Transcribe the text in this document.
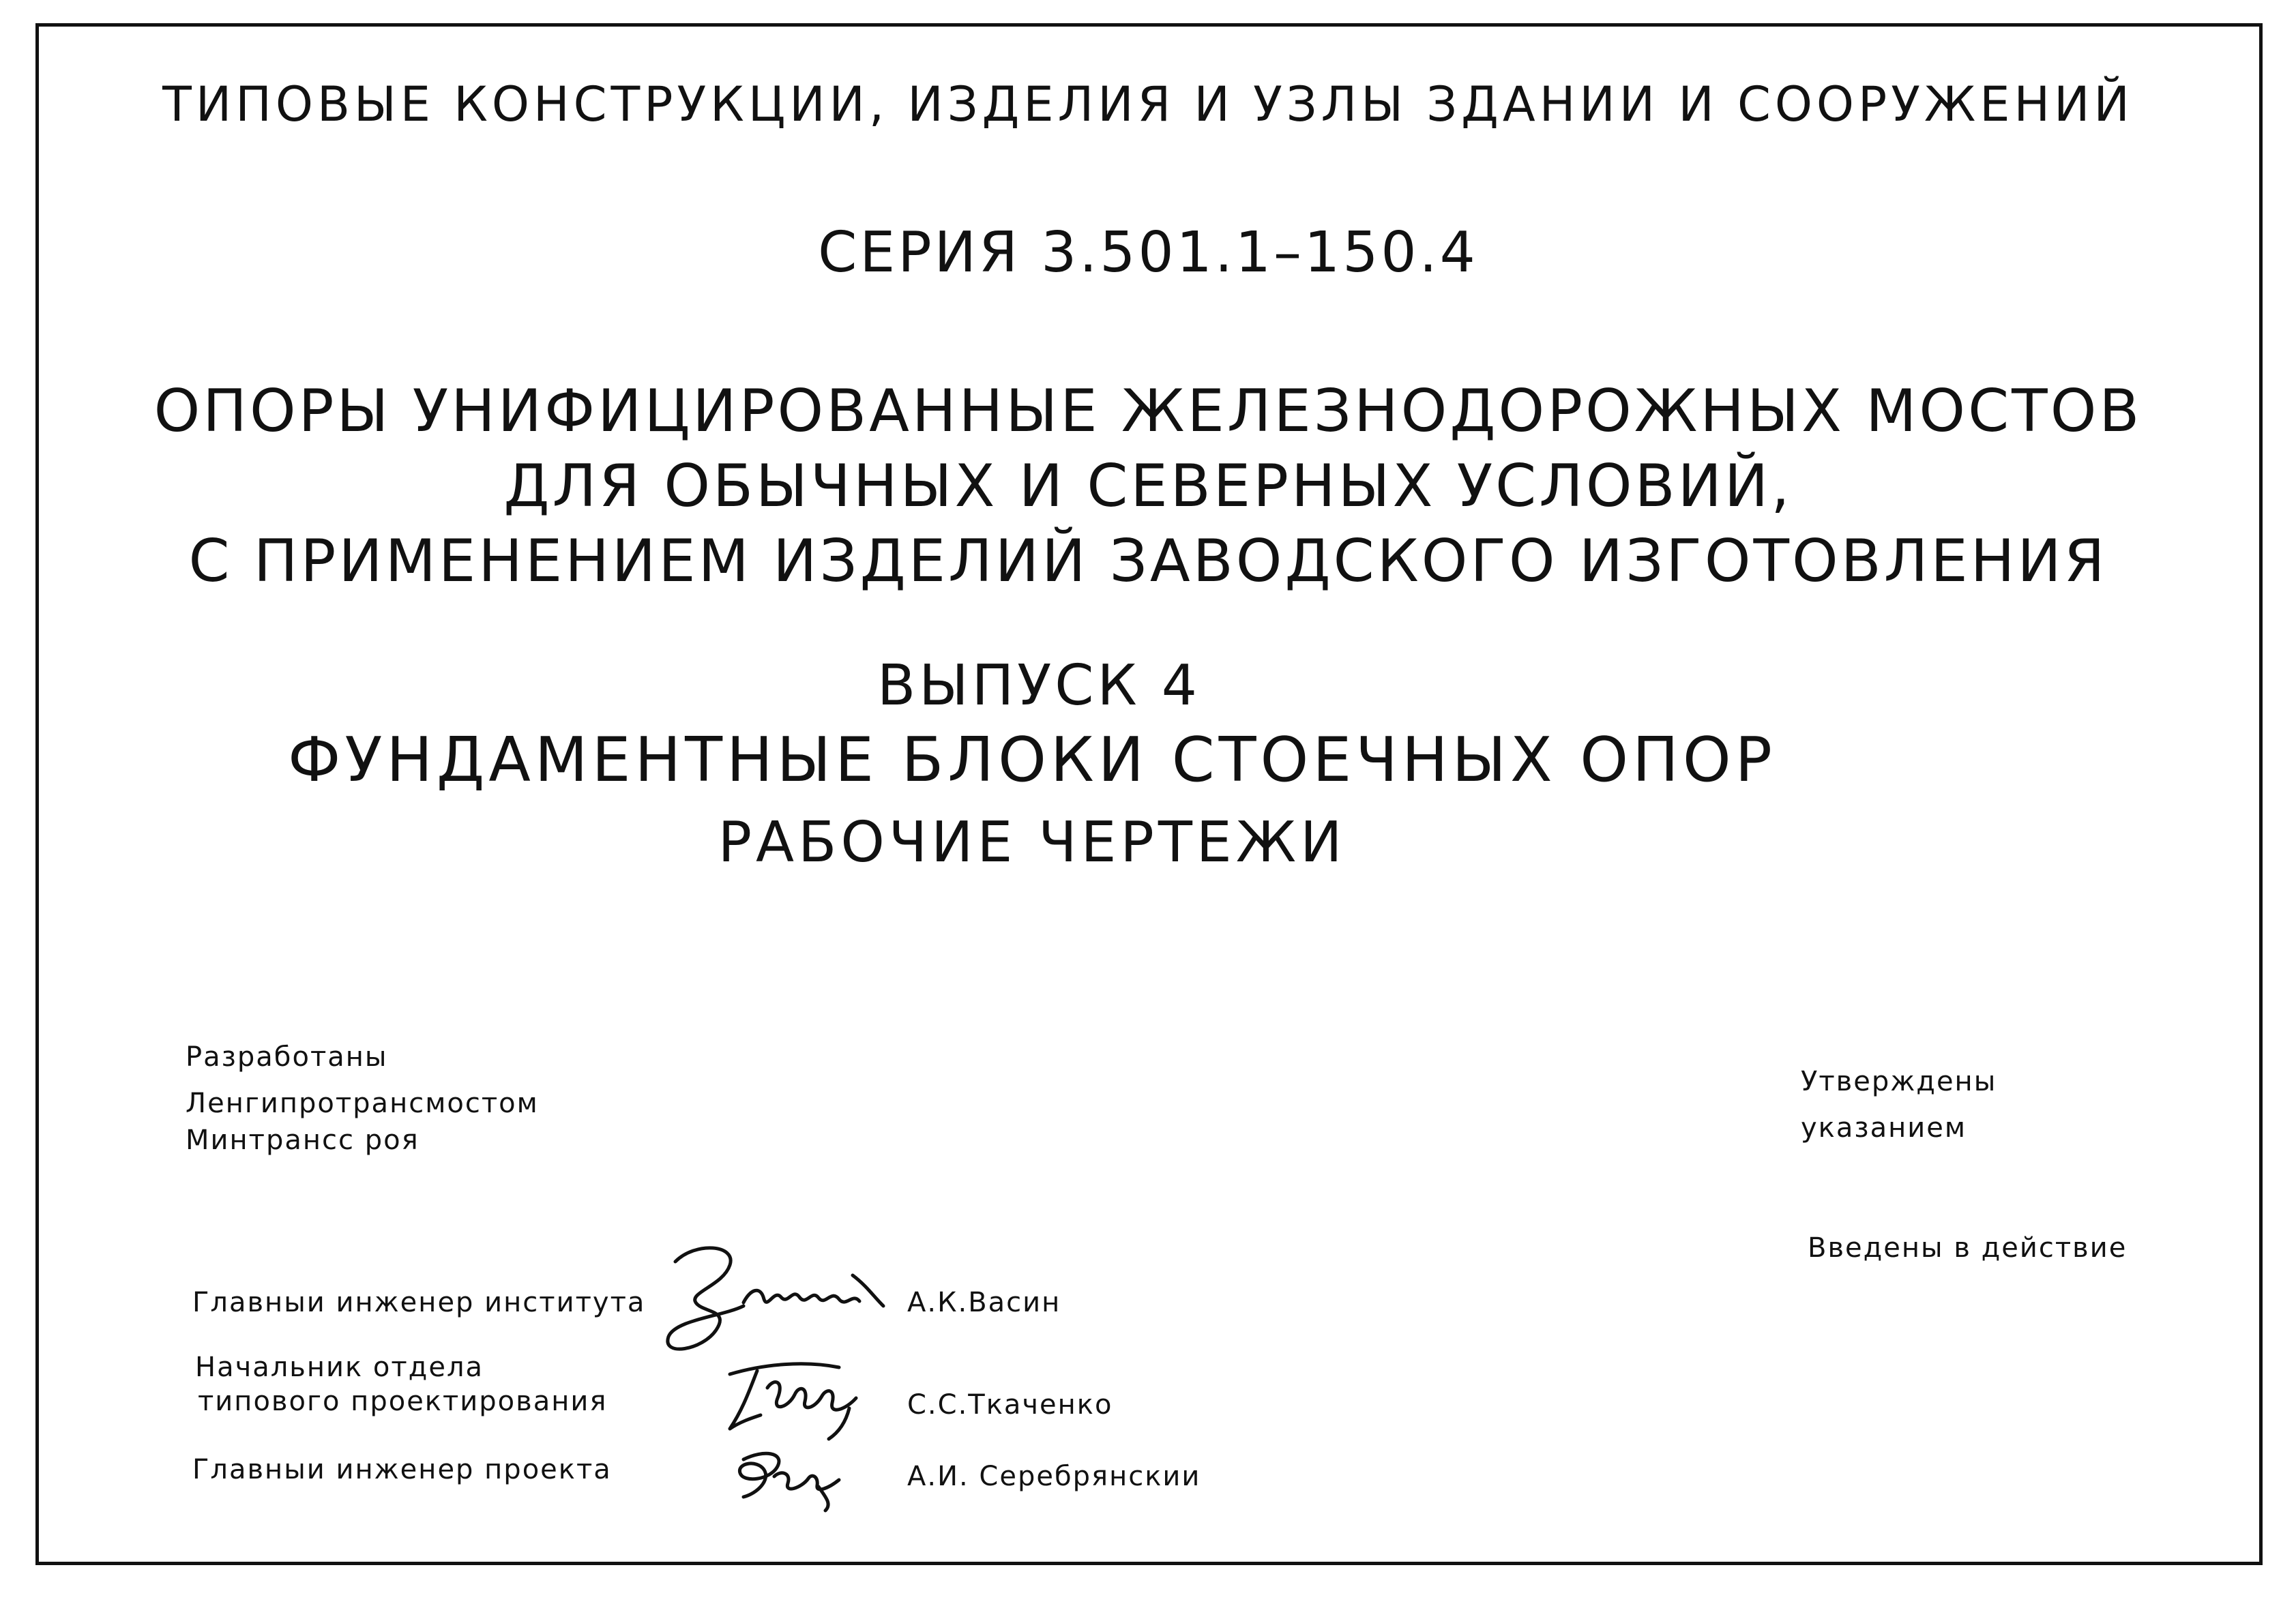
ТИПОВЫЕ КОНСТРУКЦИИ, ИЗДЕЛИЯ И УЗЛЫ ЗДАНИИ И СООРУЖЕНИЙ
СЕРИЯ 3.501.1–150.4
ОПОРЫ УНИФИЦИРОВАННЫЕ ЖЕЛЕЗНОДОРОЖНЫХ МОСТОВ
ДЛЯ ОБЫЧНЫХ И СЕВЕРНЫХ УСЛОВИЙ,
С ПРИМЕНЕНИЕМ ИЗДЕЛИЙ ЗАВОДСКОГО ИЗГОТОВЛЕНИЯ
ВЫПУСК 4
ФУНДАМЕНТНЫЕ БЛОКИ СТОЕЧНЫХ ОПОР
РАБОЧИЕ ЧЕРТЕЖИ
Разработаны
Ленгипротрансмостом
Минтрансс роя
Утверждены
указанием
Введены в действие
Главныи инженер института	А.К.Васин
Начальник отдела
типового проектирования	С.С.Ткаченко
Главныи инженер проекта	А.И. Серебрянскии
